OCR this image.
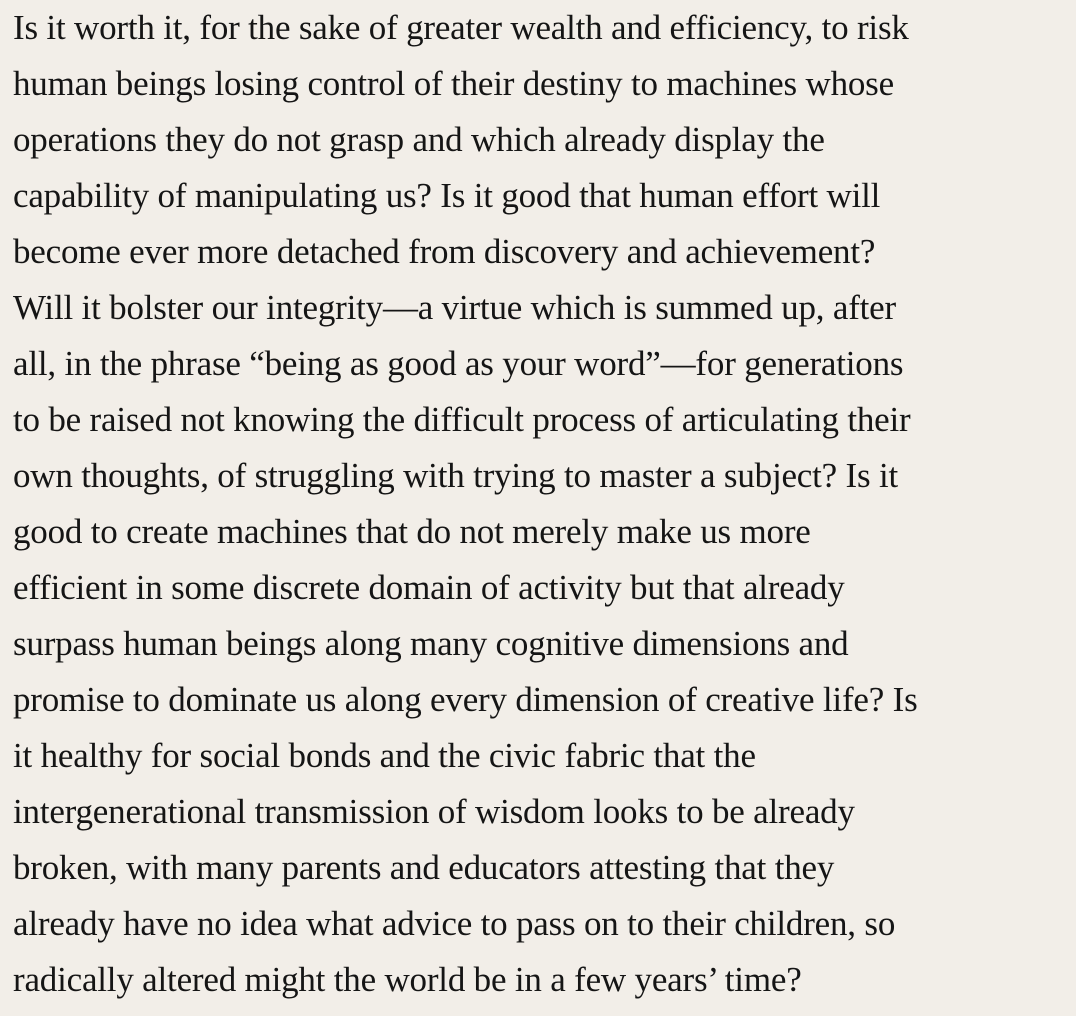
Is it worth it, for the sake of greater wealth and efficiency, to risk
human beings losing control of their destiny to machines whose
operations they do not grasp and which already display the
capability of manipulating us? Is it good that human effort will
become ever more detached from discovery and achievement?
Will it bolster our integrity—a virtue which is summed up, after
all, in the phrase “being as good as your word”—for generations
to be raised not knowing the difficult process of articulating their
own thoughts, of struggling with trying to master a subject? Is it
good to create machines that do not merely make us more
efficient in some discrete domain of activity but that already
surpass human beings along many cognitive dimensions and
promise to dominate us along every dimension of creative life? Is
it healthy for social bonds and the civic fabric that the
intergenerational transmission of wisdom looks to be already
broken, with many parents and educators attesting that they
already have no idea what advice to pass on to their children, so
radically altered might the world be in a few years’ time?
